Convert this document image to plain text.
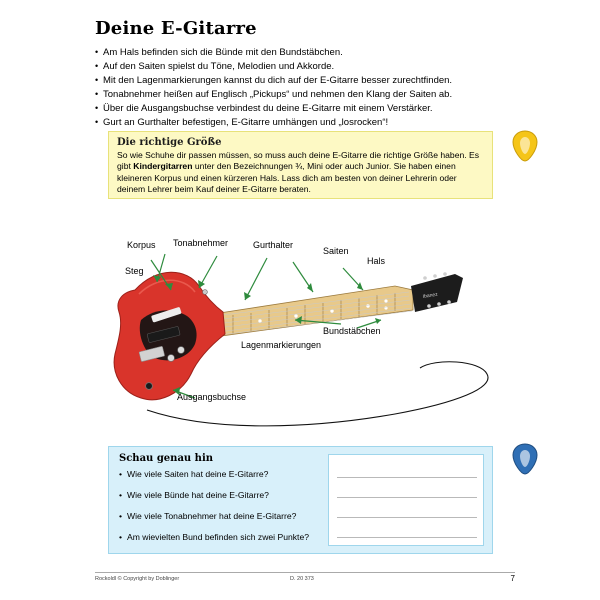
Deine E-Gitarre
• Am Hals befinden sich die Bünde mit den Bundstäbchen.
• Auf den Saiten spielst du Töne, Melodien und Akkorde.
• Mit den Lagenmarkierungen kannst du dich auf der E-Gitarre besser zurechtfinden.
• Tonabnehmer heißen auf Englisch „Pickups“ und nehmen den Klang der Saiten ab.
• Über die Ausgangsbuchse verbindest du deine E-Gitarre mit einem Verstärker.
• Gurt an Gurthalter befestigen, E-Gitarre umhängen und „losrocken“!
Die richtige Größe
So wie Schuhe dir passen müssen, so muss auch deine E-Gitarre die richtige Größe haben. Es gibt Kindergitarren unter den Bezeichnungen ¾, Mini oder auch Junior. Sie haben einen kleineren Korpus und einen kürzeren Hals. Lass dich am besten von deiner Lehrerin oder deinem Lehrer beim Kauf deiner E-Gitarre beraten.
Ibanez
Steg
Korpus Tonabnehmer	Gurthalter
Saiten
Hals
Bundstäbchen
Lagenmarkierungen
Ausgangsbuchse
Schau genau hin
• Wie viele Saiten hat deine E-Gitarre?
• Wie viele Bünde hat deine E-Gitarre?
• Wie viele Tonabnehmer hat deine E-Gitarre?
• Am wievielten Bund befinden sich zwei Punkte?
Rockoldl © Copyright by Doblinger	D. 20 373	7
